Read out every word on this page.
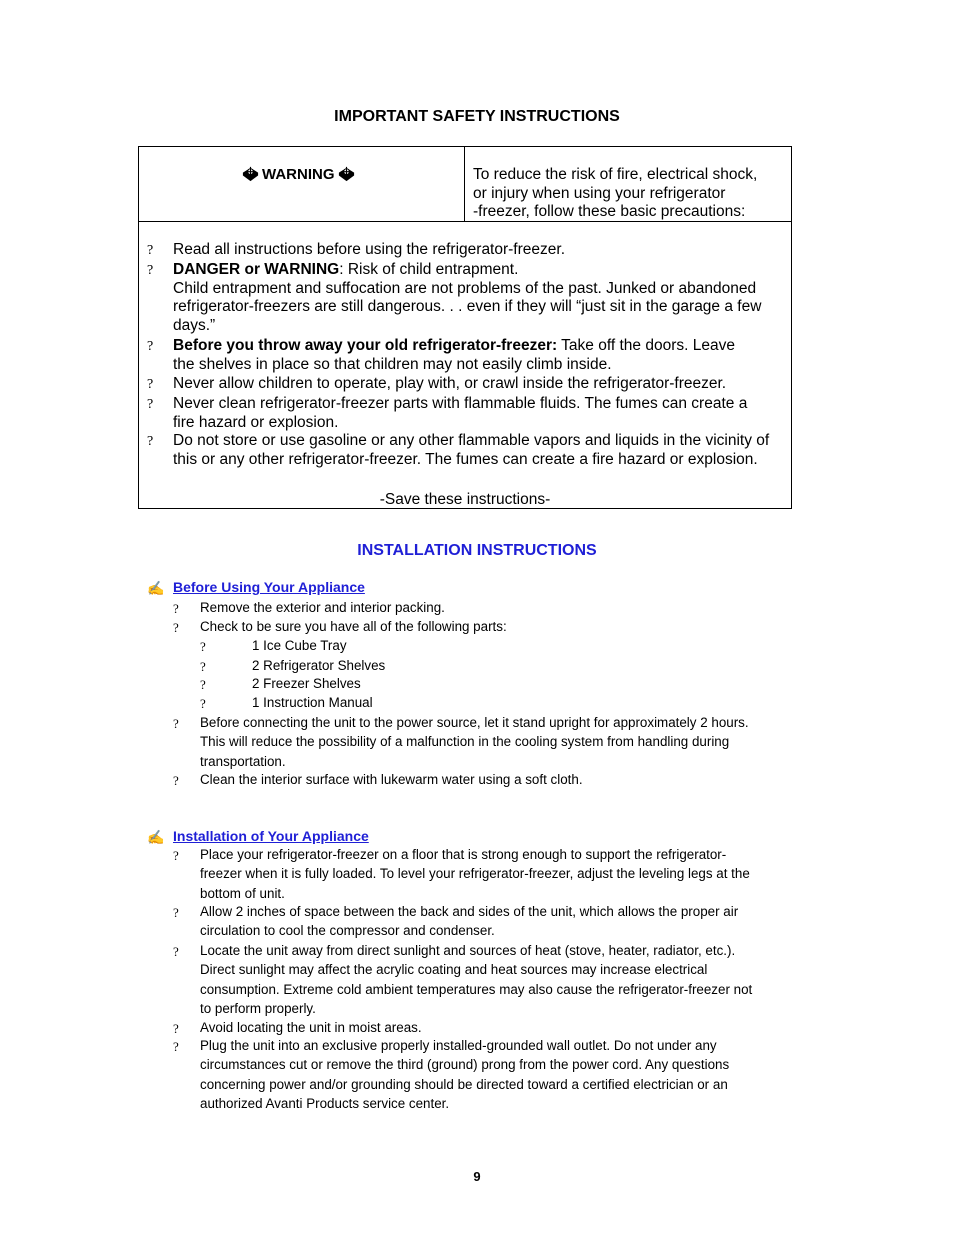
IMPORTANT SAFETY INSTRUCTIONS
WARNING	To reduce the risk of fire, electrical shock,
or injury when using your refrigerator
-freezer, follow these basic precautions:
? Read all instructions before using the refrigerator-freezer.
? DANGER or WARNING: Risk of child entrapment.
Child entrapment and suffocation are not problems of the past. Junked or abandoned
refrigerator-freezers are still dangerous. . . even if they will “just sit in the garage a few
days.”
? Before you throw away your old refrigerator-freezer: Take off the doors. Leave
the shelves in place so that children may not easily climb inside.
? Never allow children to operate, play with, or crawl inside the refrigerator-freezer.
? Never clean refrigerator-freezer parts with flammable fluids. The fumes can create a
fire hazard or explosion.
? Do not store or use gasoline or any other flammable vapors and liquids in the vicinity of
this or any other refrigerator-freezer. The fumes can create a fire hazard or explosion.
-Save these instructions-
INSTALLATION INSTRUCTIONS
✍ Before Using Your Appliance
? Remove the exterior and interior packing.
? Check to be sure you have all of the following parts:
?	1 Ice Cube Tray
?	2 Refrigerator Shelves
?	2 Freezer Shelves
?	1 Instruction Manual
? Before connecting the unit to the power source, let it stand upright for approximately 2 hours.
This will reduce the possibility of a malfunction in the cooling system from handling during
transportation.
? Clean the interior surface with lukewarm water using a soft cloth.
✍ Installation of Your Appliance
? Place your refrigerator-freezer on a floor that is strong enough to support the refrigerator-
freezer when it is fully loaded. To level your refrigerator-freezer, adjust the leveling legs at the
bottom of unit.
? Allow 2 inches of space between the back and sides of the unit, which allows the proper air
circulation to cool the compressor and condenser.
? Locate the unit away from direct sunlight and sources of heat (stove, heater, radiator, etc.).
Direct sunlight may affect the acrylic coating and heat sources may increase electrical
consumption. Extreme cold ambient temperatures may also cause the refrigerator-freezer not
to perform properly.
? Avoid locating the unit in moist areas.
? Plug the unit into an exclusive properly installed-grounded wall outlet. Do not under any
circumstances cut or remove the third (ground) prong from the power cord. Any questions
concerning power and/or grounding should be directed toward a certified electrician or an
authorized Avanti Products service center.
9
